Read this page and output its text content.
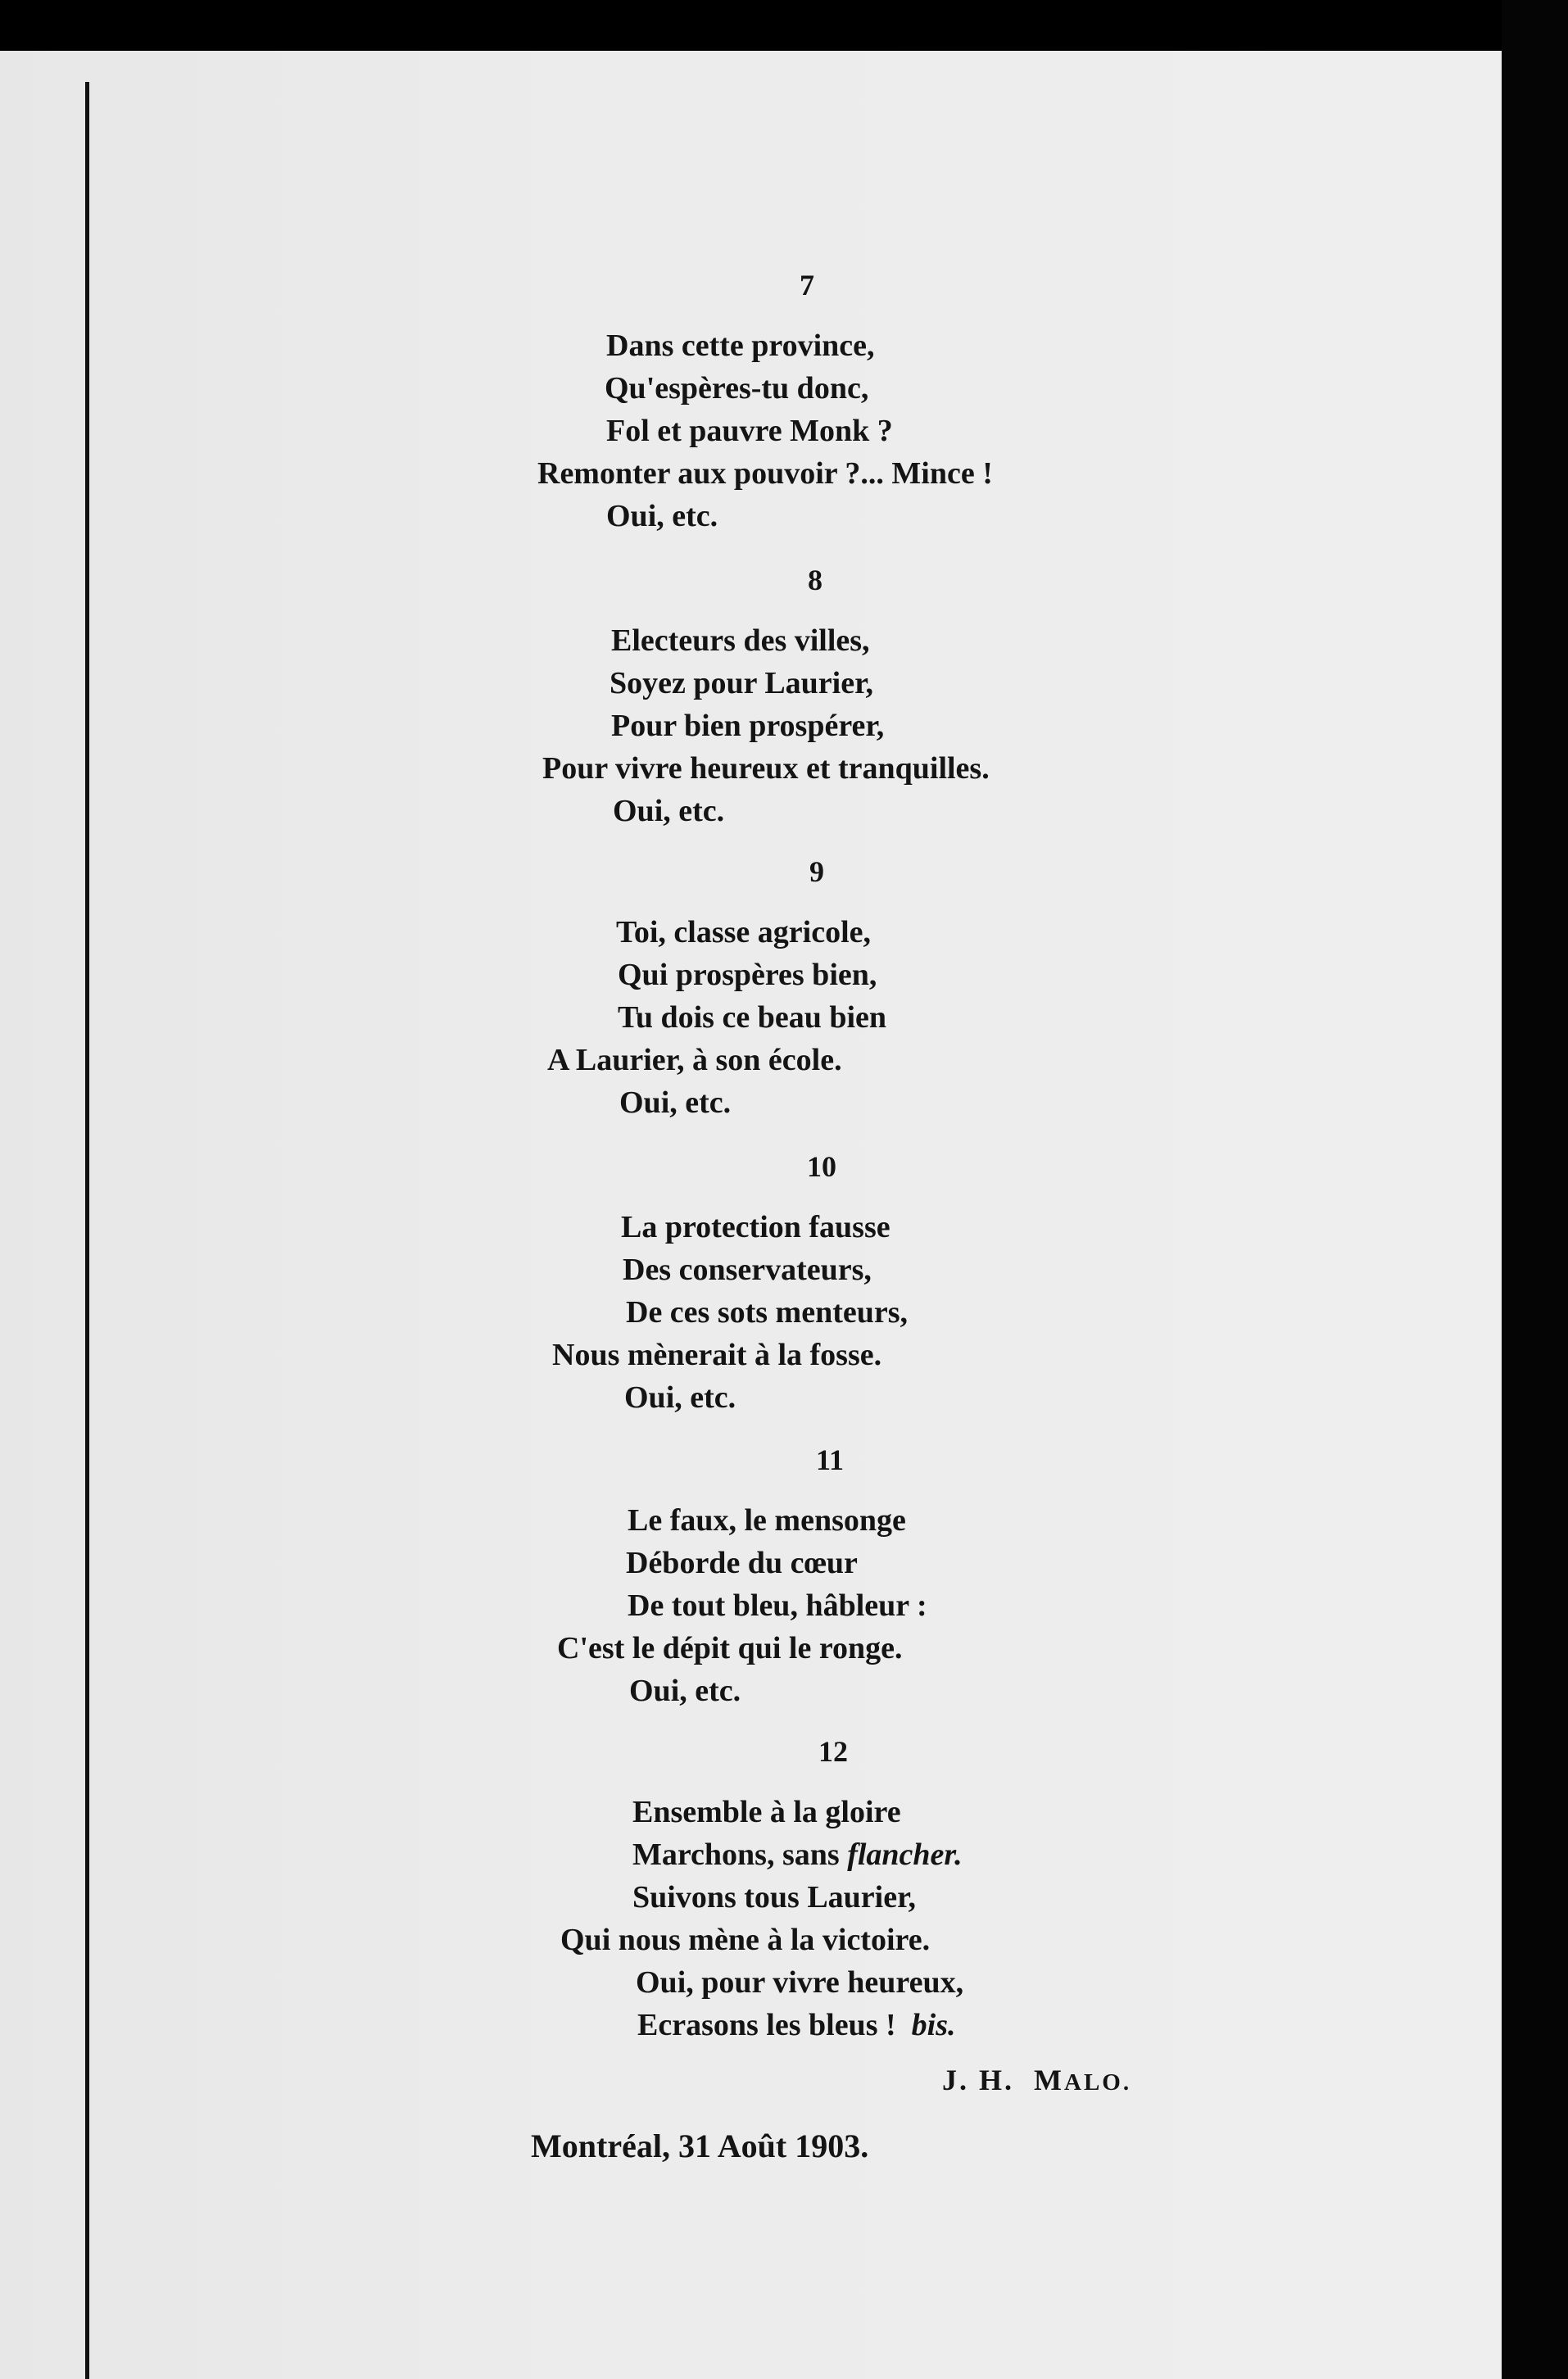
7
Dans cette province,
Qu'espères-tu donc,
Fol et pauvre Monk ?
Remonter aux pouvoir ?... Mince !
Oui, etc.
8
Electeurs des villes,
Soyez pour Laurier,
Pour bien prospérer,
Pour vivre heureux et tranquilles.
Oui, etc.
9
Toi, classe agricole,
Qui prospères bien,
Tu dois ce beau bien
A Laurier, à son école.
Oui, etc.
10
La protection fausse
Des conservateurs,
De ces sots menteurs,
Nous mènerait à la fosse.
Oui, etc.
11
Le faux, le mensonge
Déborde du cœur
De tout bleu, hâbleur :
C'est le dépit qui le ronge.
Oui, etc.
12
Ensemble à la gloire
Marchons, sans flancher.
Suivons tous Laurier,
Qui nous mène à la victoire.
Oui, pour vivre heureux,
Ecrasons les bleus ! bis.
J. H. MALO.
Montréal, 31 Août 1903.
